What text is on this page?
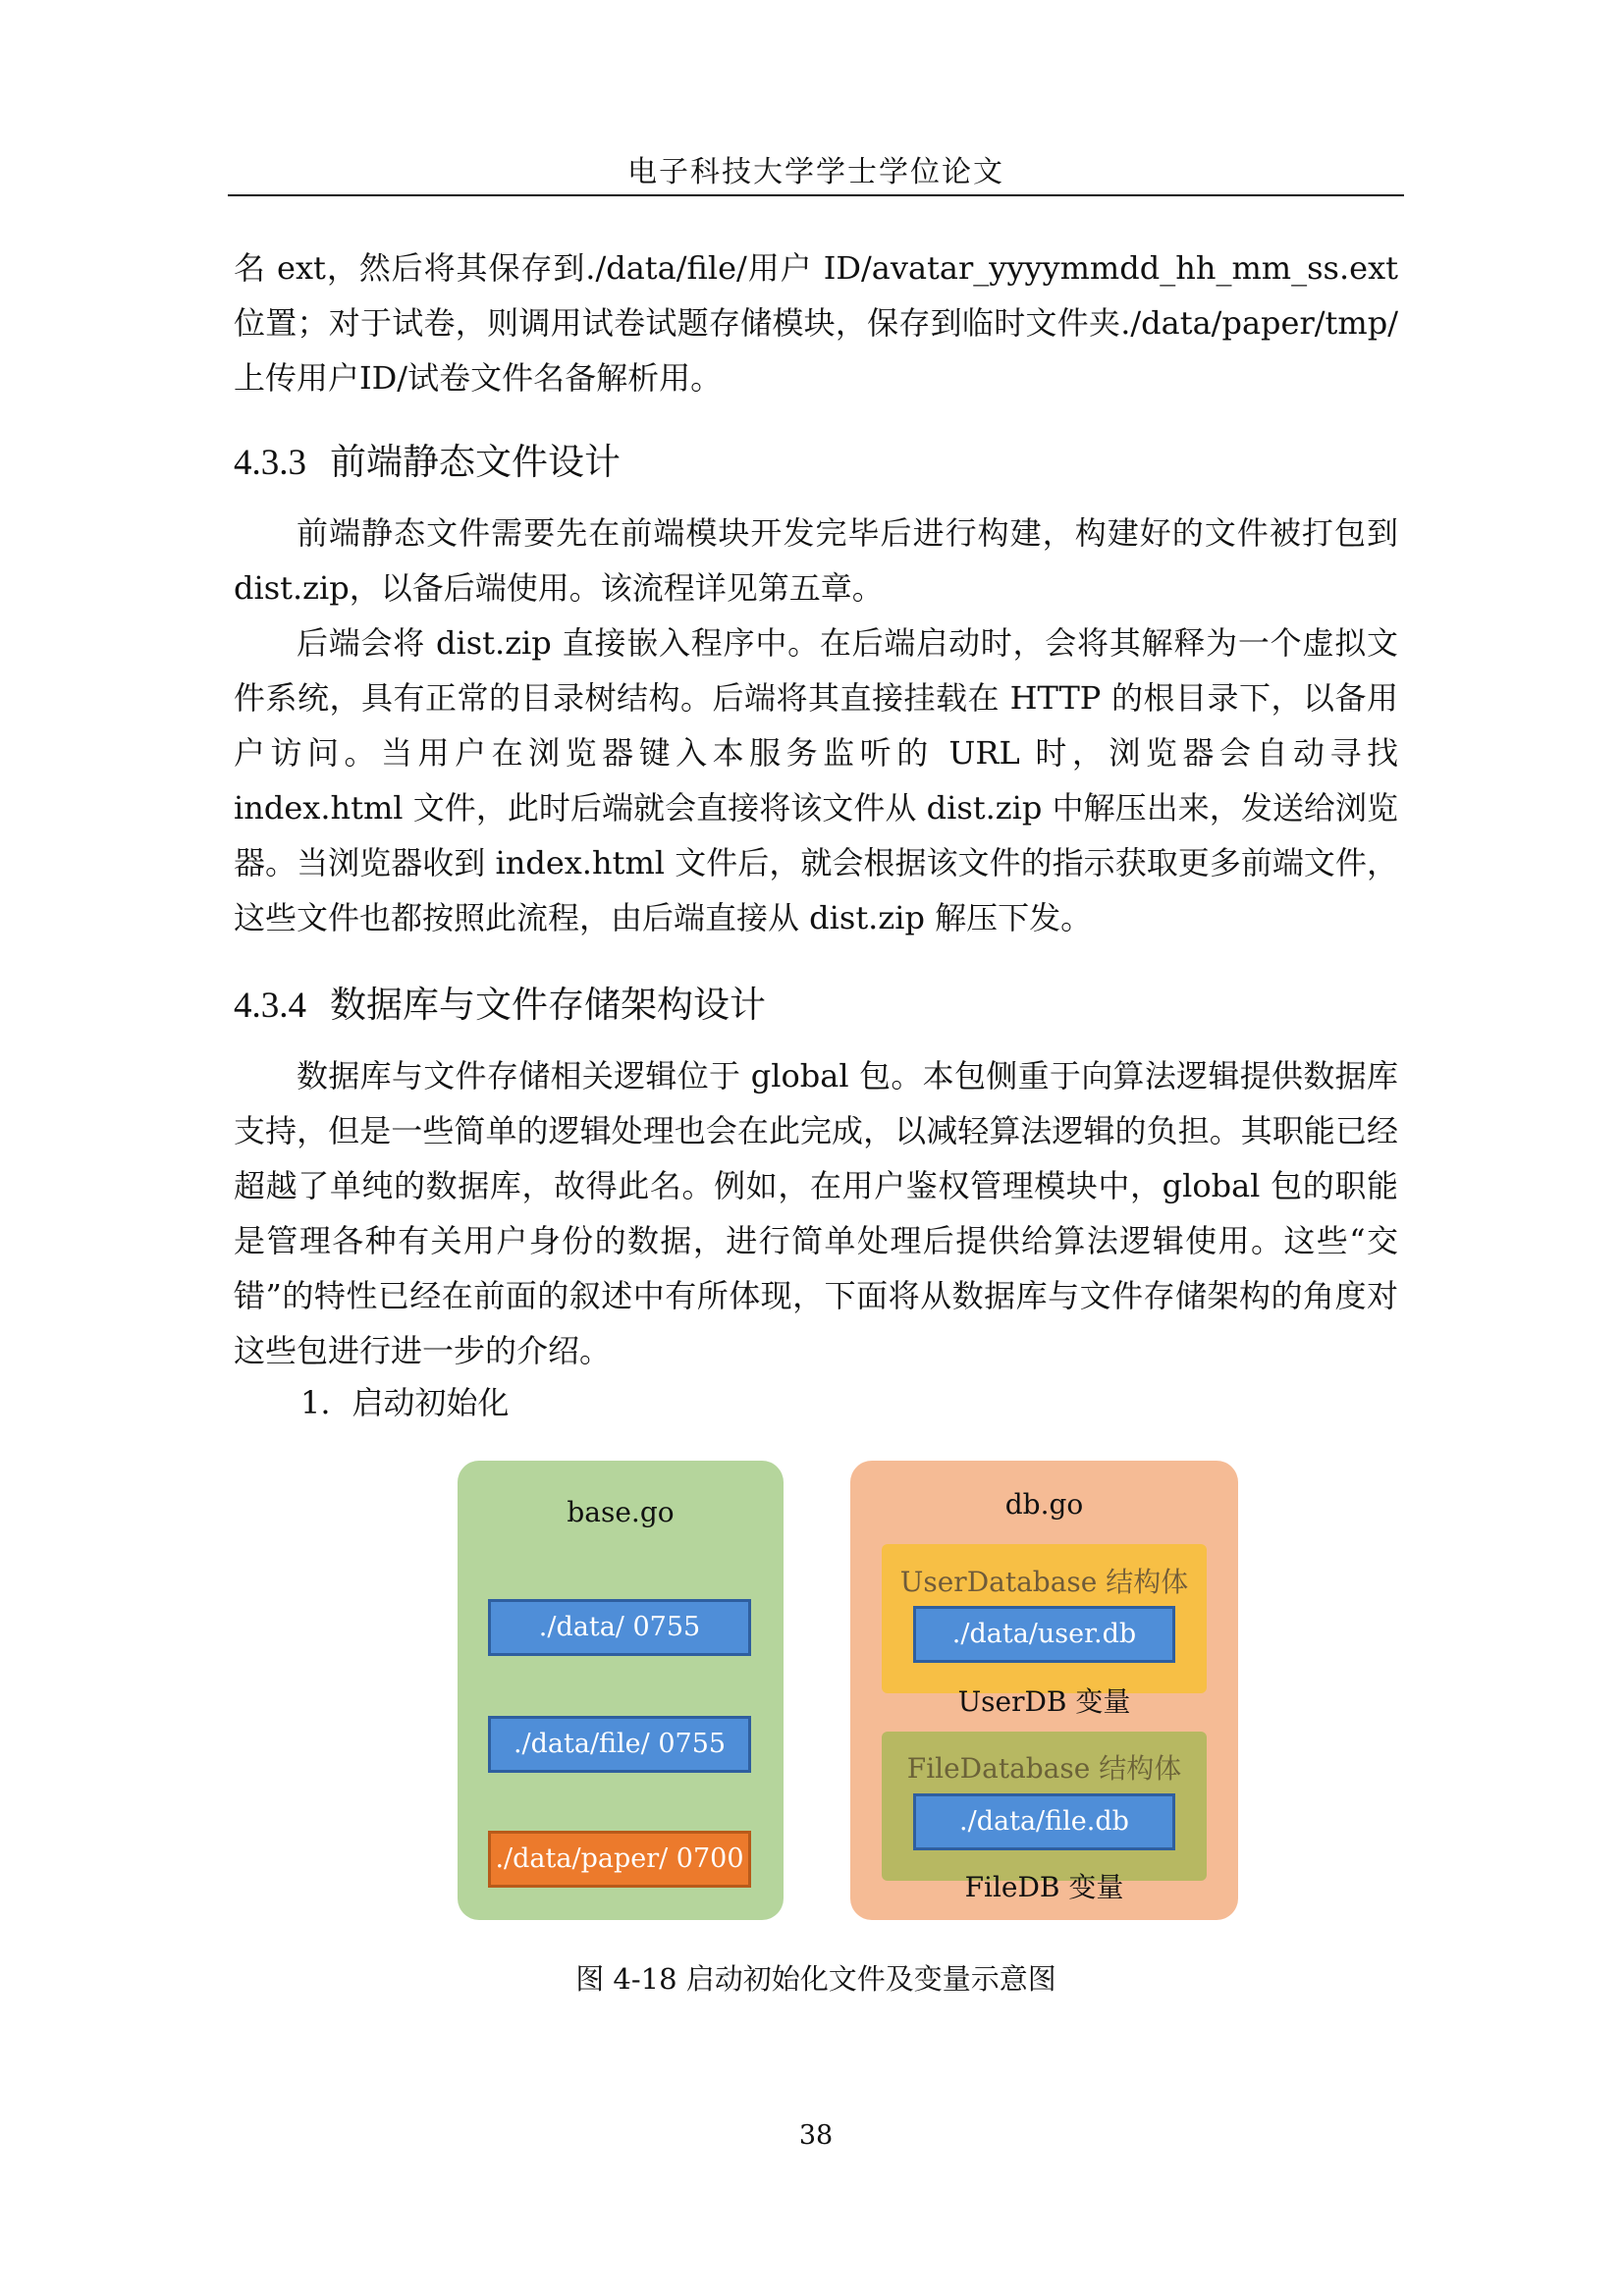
电子科技大学学士学位论文
名 ext，然后将其保存到./data/file/用户 ID/avatar_yyyymmdd_hh_mm_ss.ext 位置；对于试卷，则调用试卷试题存储模块，保存到临时文件夹./data/paper/tmp/上传用户ID/试卷文件名备解析用。
4.3.3 前端静态文件设计
前端静态文件需要先在前端模块开发完毕后进行构建，构建好的文件被打包到 dist.zip，以备后端使用。该流程详见第五章。
后端会将 dist.zip 直接嵌入程序中。在后端启动时，会将其解释为一个虚拟文件系统，具有正常的目录树结构。后端将其直接挂载在 HTTP 的根目录下，以备用户访问。当用户在浏览器键入本服务监听的 URL 时，浏览器会自动寻找 index.html 文件，此时后端就会直接将该文件从 dist.zip 中解压出来，发送给浏览器。当浏览器收到 index.html 文件后，就会根据该文件的指示获取更多前端文件，这些文件也都按照此流程，由后端直接从 dist.zip 解压下发。
4.3.4 数据库与文件存储架构设计
数据库与文件存储相关逻辑位于 global 包。本包侧重于向算法逻辑提供数据库支持，但是一些简单的逻辑处理也会在此完成，以减轻算法逻辑的负担。其职能已经超越了单纯的数据库，故得此名。例如，在用户鉴权管理模块中，global 包的职能是管理各种有关用户身份的数据，进行简单处理后提供给算法逻辑使用。这些“交错”的特性已经在前面的叙述中有所体现，下面将从数据库与文件存储架构的角度对这些包进行进一步的介绍。
1. 启动初始化
base.go
./data/ 0755
./data/file/ 0755
./data/paper/ 0700
db.go
UserDatabase 结构体
./data/user.db
UserDB 变量
FileDatabase 结构体
./data/file.db
FileDB 变量
图 4-18 启动初始化文件及变量示意图
38
